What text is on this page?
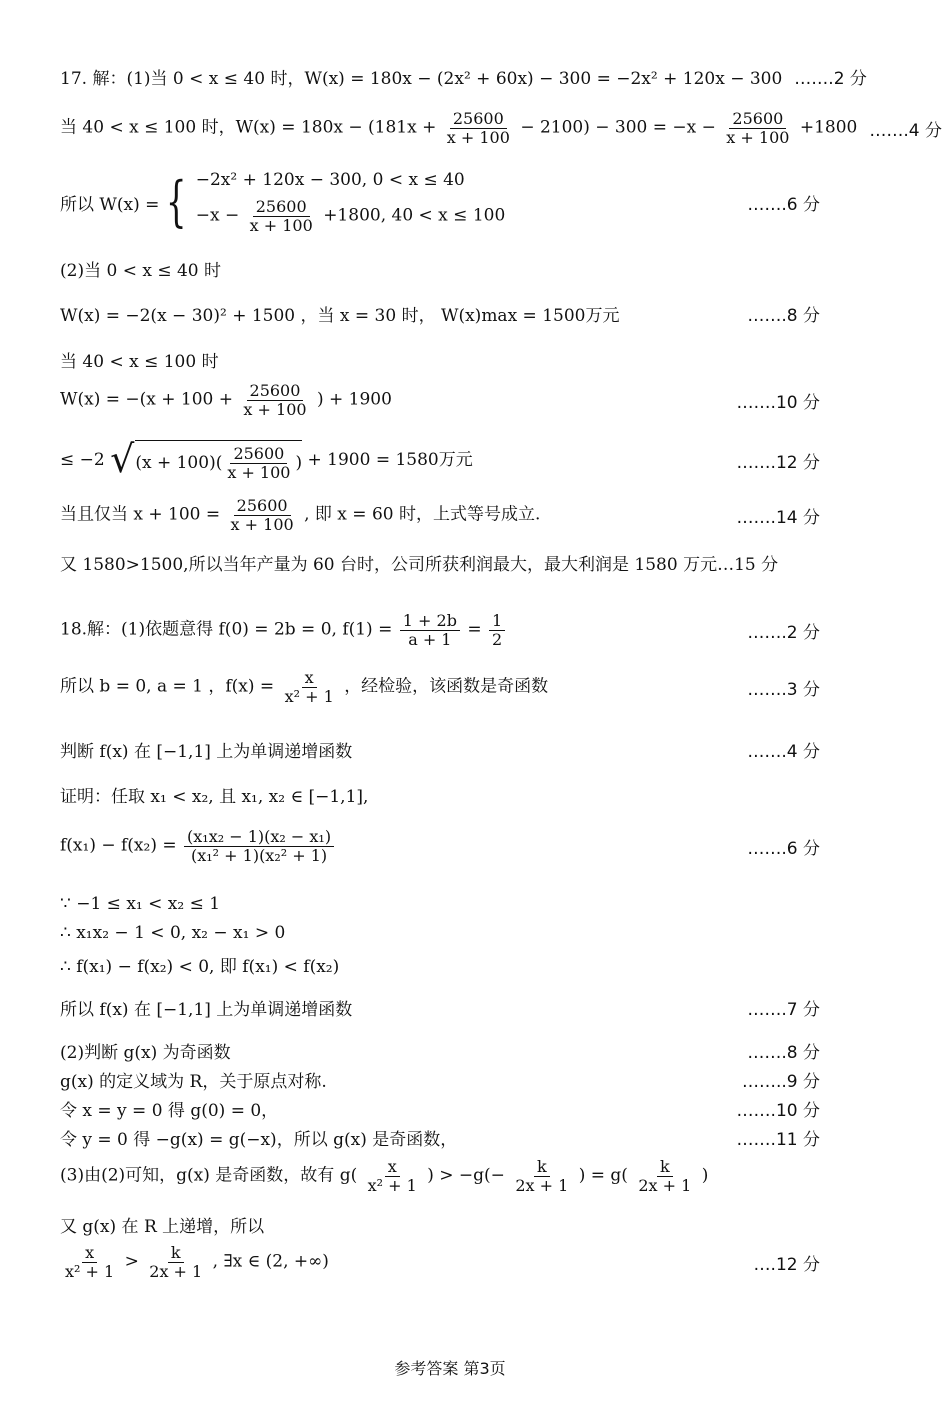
17. 解：(1)当 0 < x ≤ 40 时，W(x) = 180x − (2x² + 60x) − 300 = −2x² + 120x − 300 …….2 分
当 40 < x ≤ 100 时，$W(x) = 180x - (181x + \frac{25600}{x + 100} - 2100) - 300 = -x - \frac{25600}{x + 100} +1800$ …….4 分
所以 W(x) = { −2x² + 120x − 300, 0 < x ≤ 40
$-x - \frac{25600}{x + 100} +1800$, 40 < x ≤ 100
…….6 分
(2)当 0 < x ≤ 40 时
W(x) = −2(x − 30)² + 1500 ，当 x = 30 时， W(x)max = 1500万元	…….8 分
当 40 < x ≤ 100 时
$W(x) = -(x + 100 + \frac{25600}{x + 100}$ ) + 1900	…….10 分
≤ −2 √ $(x + 100)( \frac{25600}{x + 100}$ ) + 1900 = 1580万元	…….12 分
当且仅当 $x + 100 = \frac{25600}{x + 100}$ , 即 x = 60 时，上式等号成立.	…….14 分
又 1580>1500,所以当年产量为 60 台时，公司所获利润最大，最大利润是 1580 万元…15 分
18.解：(1)依题意得 f(0) = 2b = 0, $f(1) = \frac{1 + 2b}{a + 1} = \frac{1}{2}$	…….2 分
所以 b = 0, a = 1 ，$f(x) = \frac{x}{\text{x² + 1}}$ ，经检验，该函数是奇函数	…….3 分
判断 f(x) 在 [−1,1] 上为单调递增函数	…….4 分
证明：任取 x₁ < x₂, 且 x₁, x₂ ∈ [−1,1],
$f(x_1) - f(x_2) = \frac{\text{(x₁x₂ − 1)(x₂ − x₁)}}{\text{(x₁² + 1)(x₂² + 1)}}$	…….6 分
∵ −1 ≤ x₁ < x₂ ≤ 1
∴ x₁x₂ − 1 < 0, x₂ − x₁ > 0
∴ f(x₁) − f(x₂) < 0, 即 f(x₁) < f(x₂)
所以 f(x) 在 [−1,1] 上为单调递增函数	…….7 分
(2)判断 g(x) 为奇函数	…….8 分
g(x) 的定义域为 R，关于原点对称.	……..9 分
令 x = y = 0 得 g(0) = 0，	…….10 分
令 y = 0 得 −g(x) = g(−x)，所以 g(x) 是奇函数，	…….11 分
(3)由(2)可知，g(x) 是奇函数，故有 $g( \frac{x}{\text{x² + 1}}$ ) > $-g(- \frac{k}{2x + 1}$ ) = $g( \frac{k}{2x + 1}$ )
又 g(x) 在 R 上递增，所以
$\frac{x}{\text{x² + 1}} > \frac{k}{2x + 1}$ , ∃x ∈ (2, +∞)	….12 分
参考答案 第3页
